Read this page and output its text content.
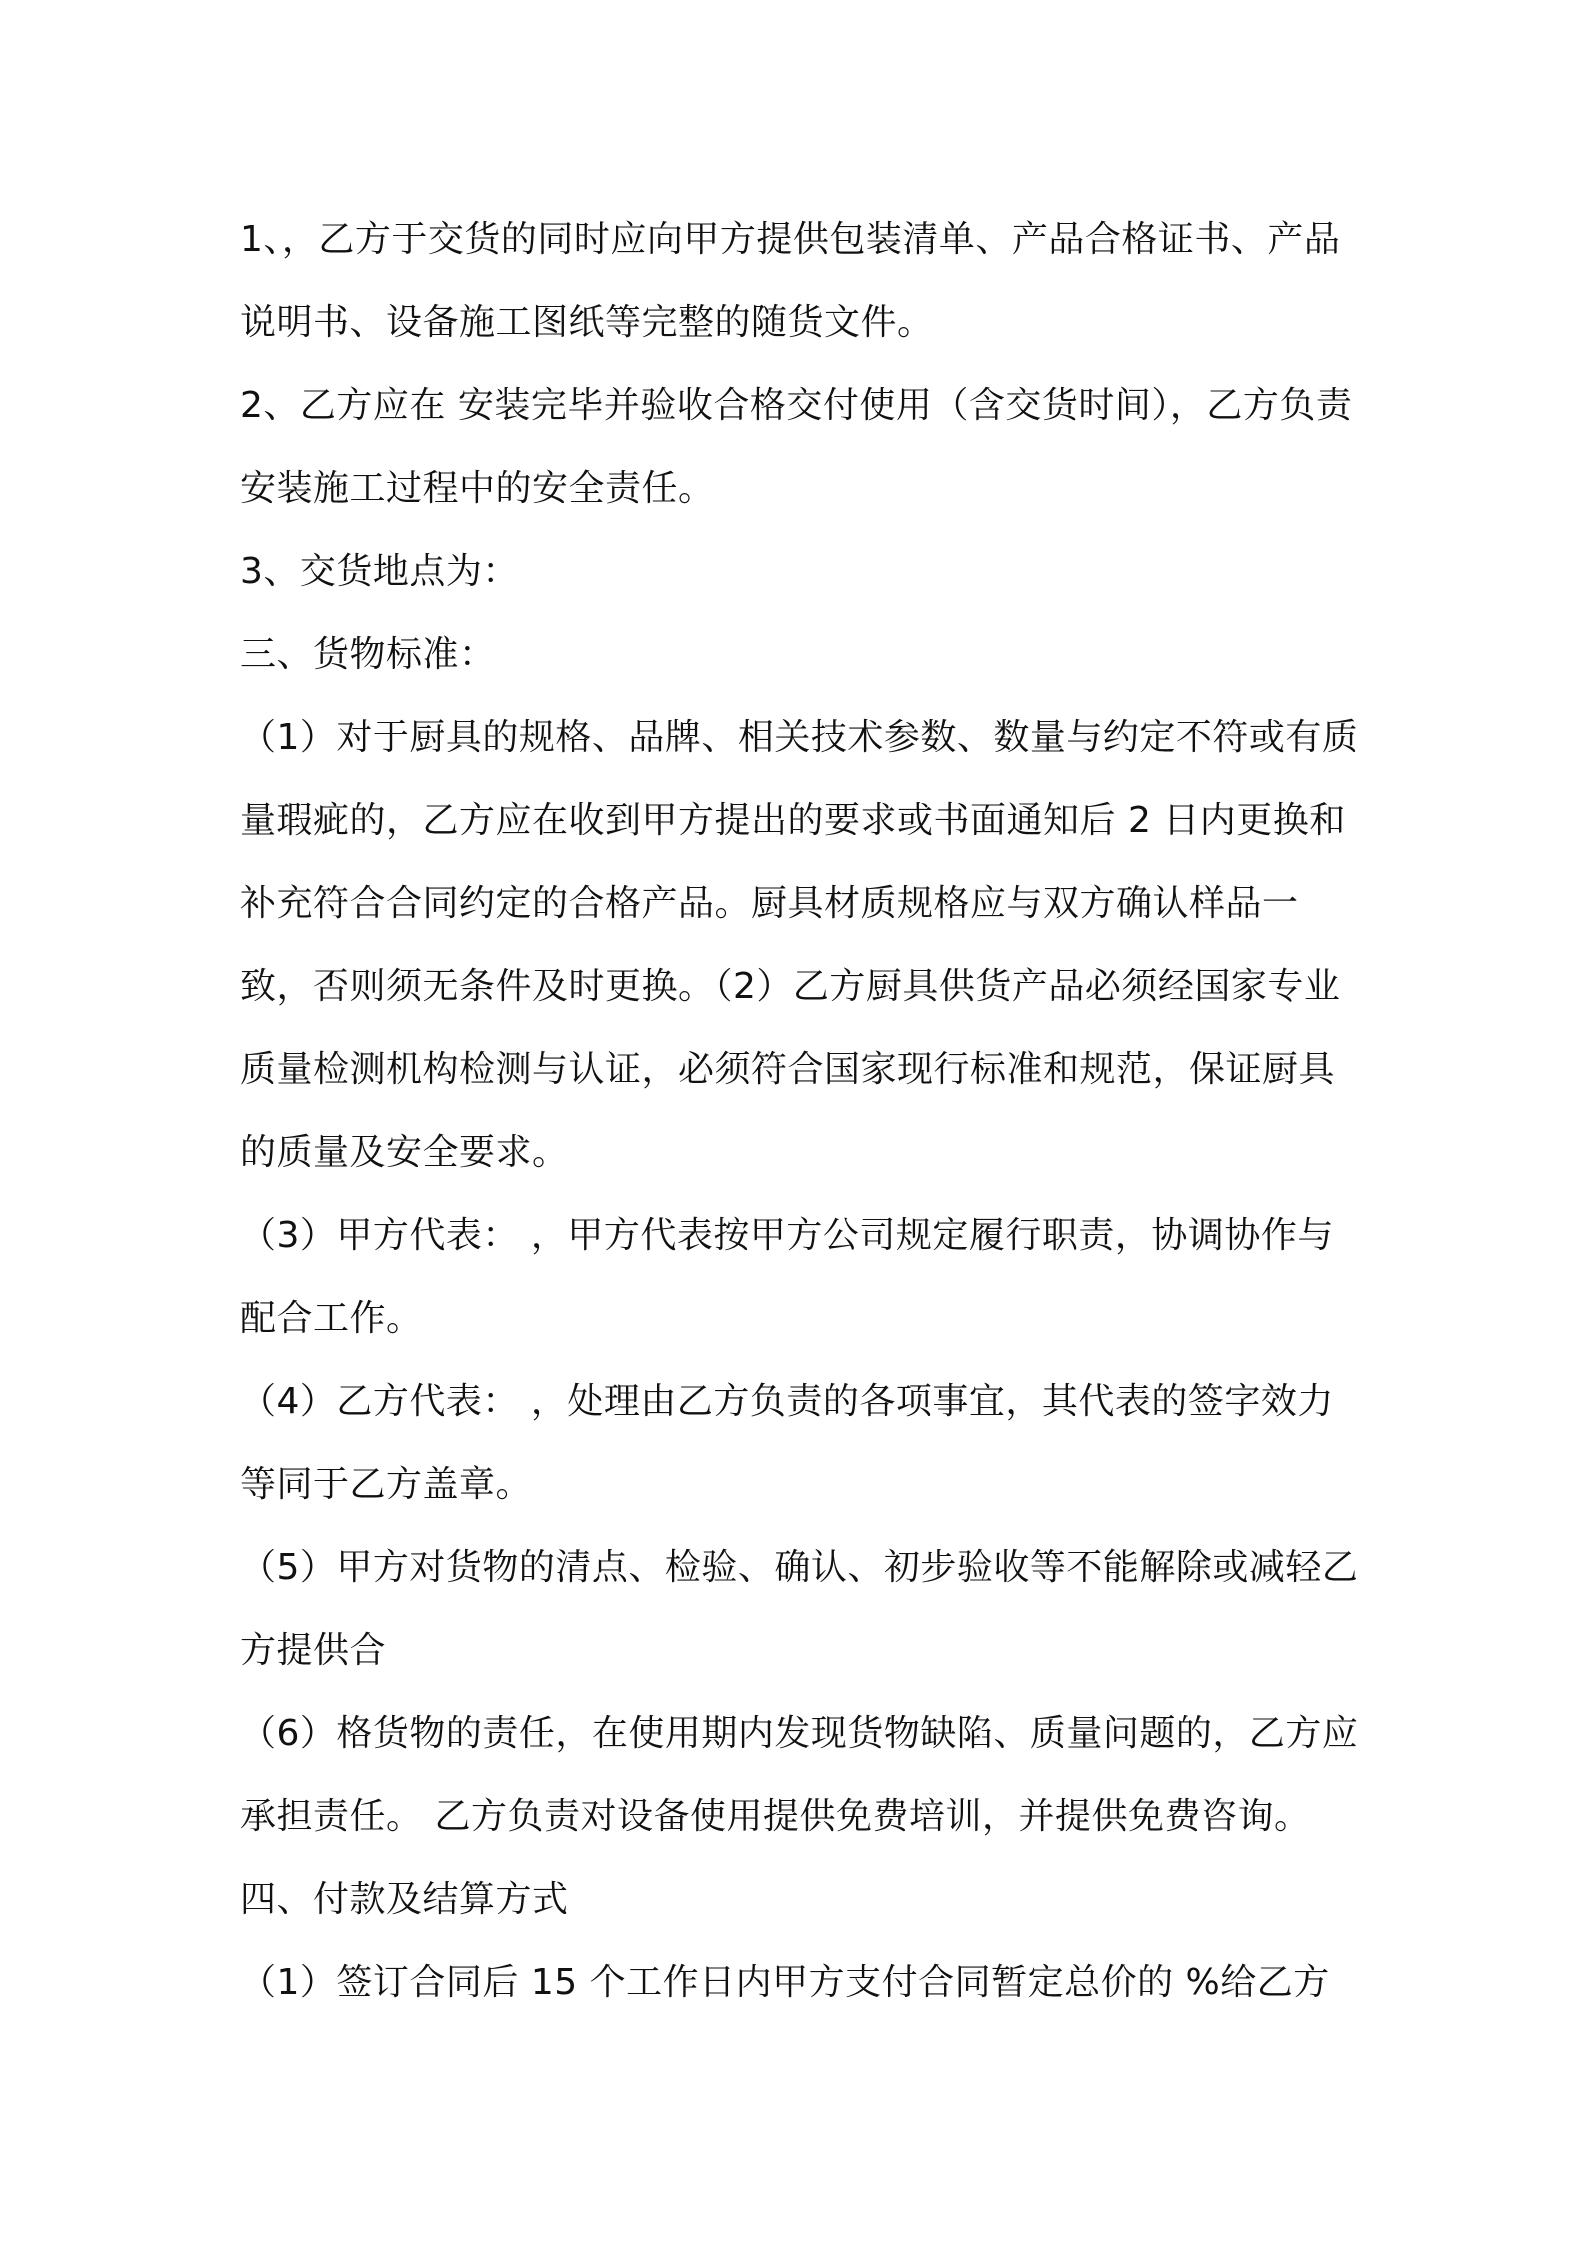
1、，乙方于交货的同时应向甲方提供包装清单、产品合格证书、产品说明书、设备施工图纸等完整的随货文件。

2、乙方应在 安装完毕并验收合格交付使用（含交货时间），乙方负责安装施工过程中的安全责任。

3、交货地点为：

三、货物标准：

（1）对于厨具的规格、品牌、相关技术参数、数量与约定不符或有质量瑕疵的，乙方应在收到甲方提出的要求或书面通知后 2 日内更换和补充符合合同约定的合格产品。厨具材质规格应与双方确认样品一致，否则须无条件及时更换。（2）乙方厨具供货产品必须经国家专业质量检测机构检测与认证，必须符合国家现行标准和规范，保证厨具的质量及安全要求。

（3）甲方代表： ，甲方代表按甲方公司规定履行职责，协调协作与配合工作。

（4）乙方代表： ，处理由乙方负责的各项事宜，其代表的签字效力等同于乙方盖章。

（5）甲方对货物的清点、检验、确认、初步验收等不能解除或减轻乙方提供合

（6）格货物的责任，在使用期内发现货物缺陷、质量问题的，乙方应承担责任。 乙方负责对设备使用提供免费培训，并提供免费咨询。

四、付款及结算方式

（1）签订合同后 15 个工作日内甲方支付合同暂定总价的 %给乙方
